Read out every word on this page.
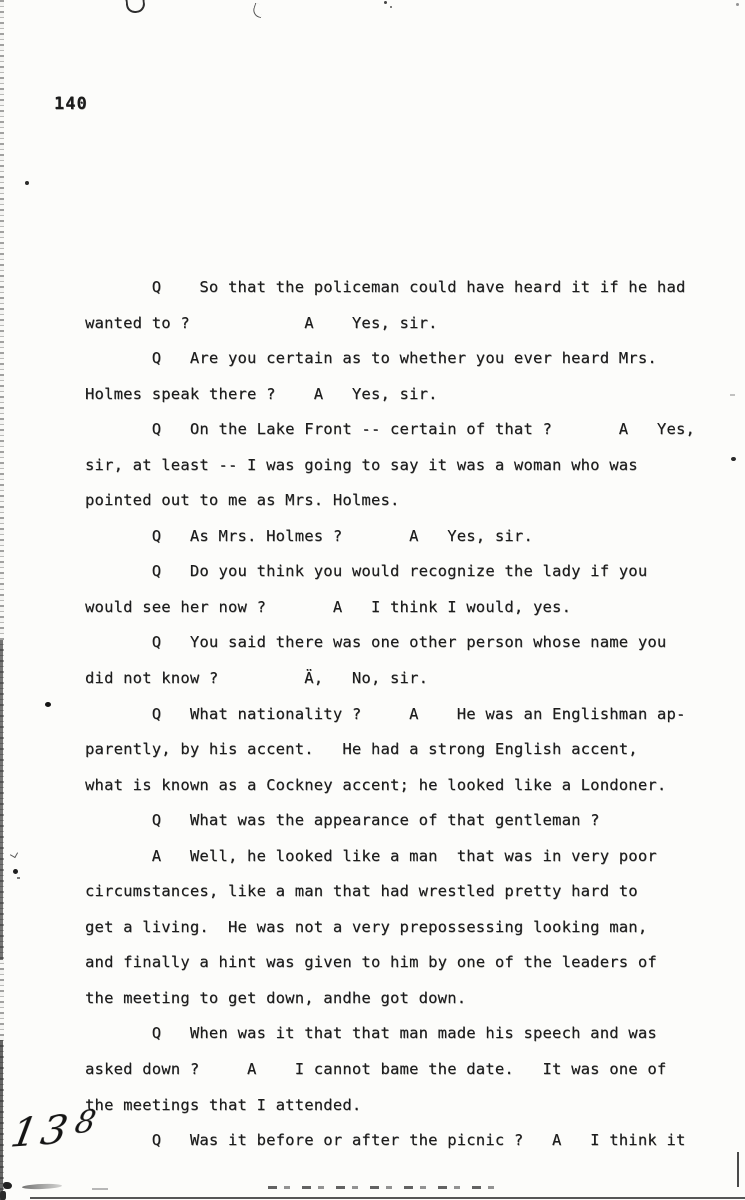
140
Q    So that the policeman could have heard it if he had
wanted to ?            A    Yes, sir.
Q   Are you certain as to whether you ever heard Mrs.
Holmes speak there ?    A   Yes, sir.
Q   On the Lake Front -- certain of that ?       A   Yes,
sir, at least -- I was going to say it was a woman who was
pointed out to me as Mrs. Holmes.
Q   As Mrs. Holmes ?       A   Yes, sir.
Q   Do you think you would recognize the lady if you
would see her now ?       A   I think I would, yes.
Q   You said there was one other person whose name you
did not know ?         Ä,   No, sir.
Q   What nationality ?     A    He was an Englishman ap-
parently, by his accent.   He had a strong English accent,
what is known as a Cockney accent; he looked like a Londoner.
Q   What was the appearance of that gentleman ?
A   Well, he looked like a man  that was in very poor
circumstances, like a man that had wrestled pretty hard to
get a living.  He was not a very prepossessing looking man,
and finally a hint was given to him by one of the leaders of
the meeting to get down, andhe got down.
Q   When was it that that man made his speech and was
asked down ?     A    I cannot bame the date.   It was one of
the meetings that I attended.
Q   Was it before or after the picnic ?   A   I think it
138
